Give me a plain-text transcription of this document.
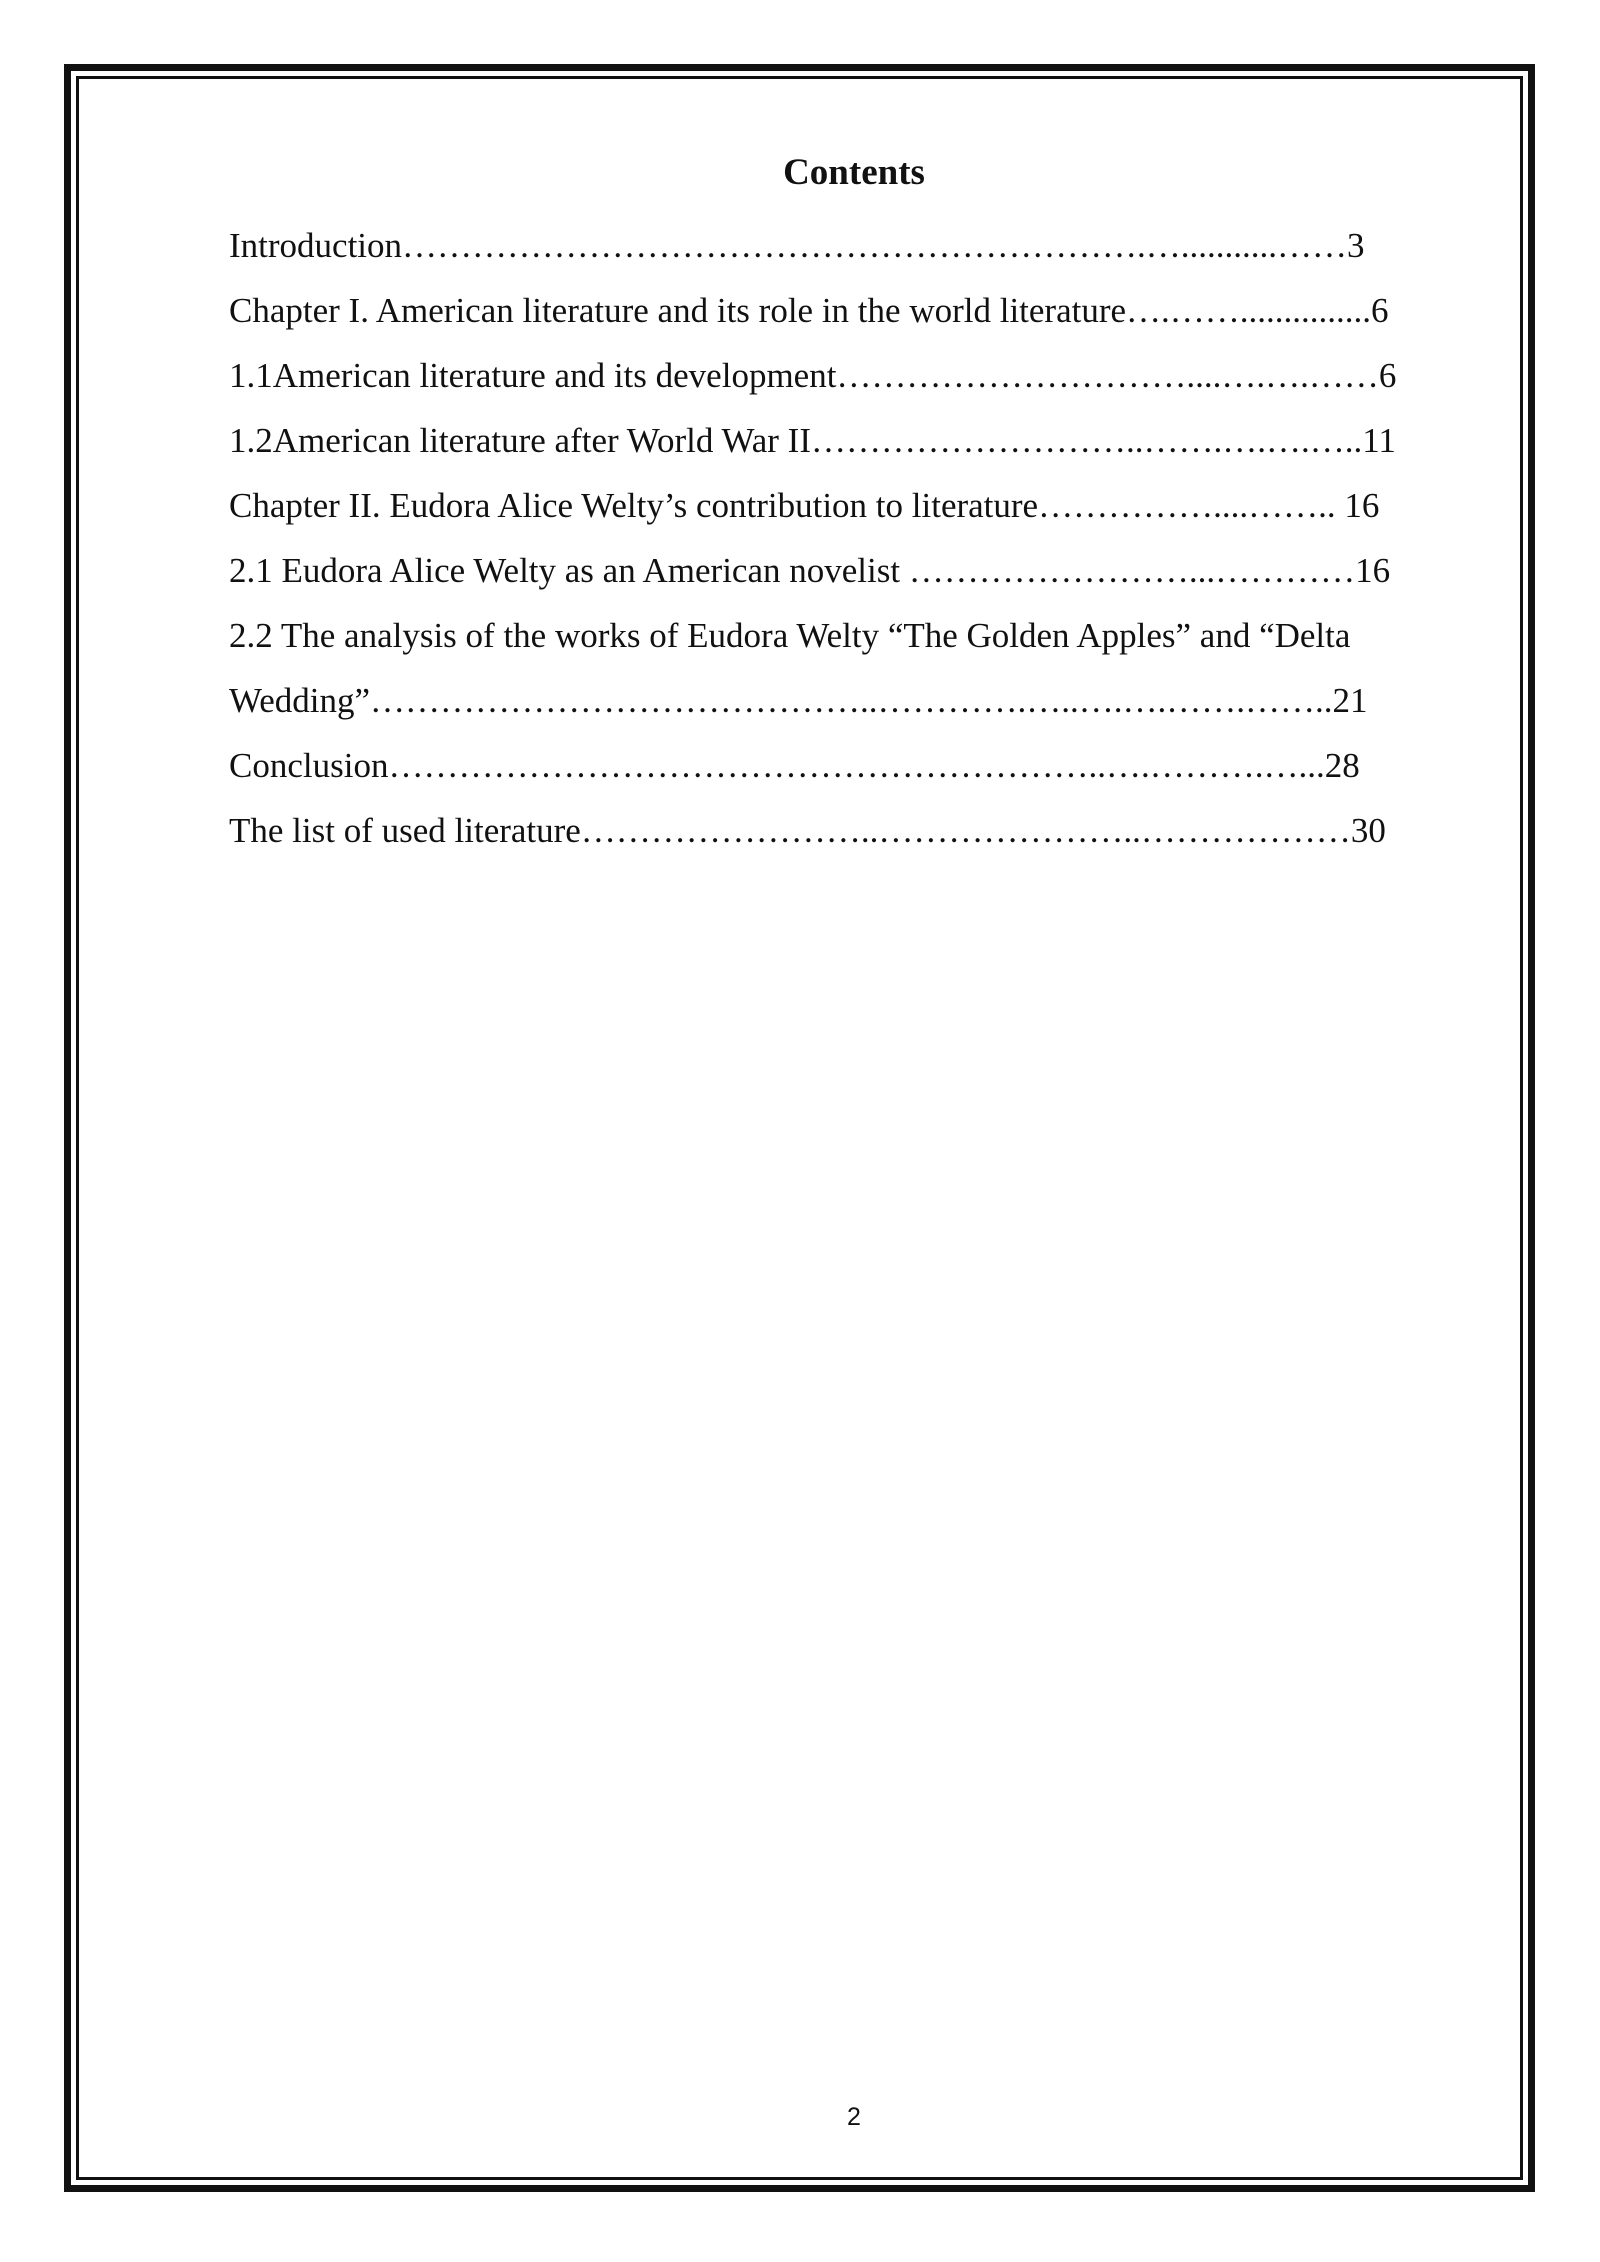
Contents
Introduction……………………………………………………….…...........……3
Chapter I. American literature and its role in the world literature….……...............6
1.1American literature and its development…………………………....….….……6
1.2American literature after World War II………………………..…….….….…..11
Chapter II. Eudora Alice Welty’s contribution to literature……………....…….. 16
2.1 Eudora Alice Welty as an American novelist ……………………...…………16
2.2 The analysis of the works of Eudora Welty “The Golden Apples” and “Delta
Wedding”……………………………………..………….…..….….…….……..21
Conclusion……………………………………………………..….……….…...28
The list of used literature……………………..…………………..………………30
2
